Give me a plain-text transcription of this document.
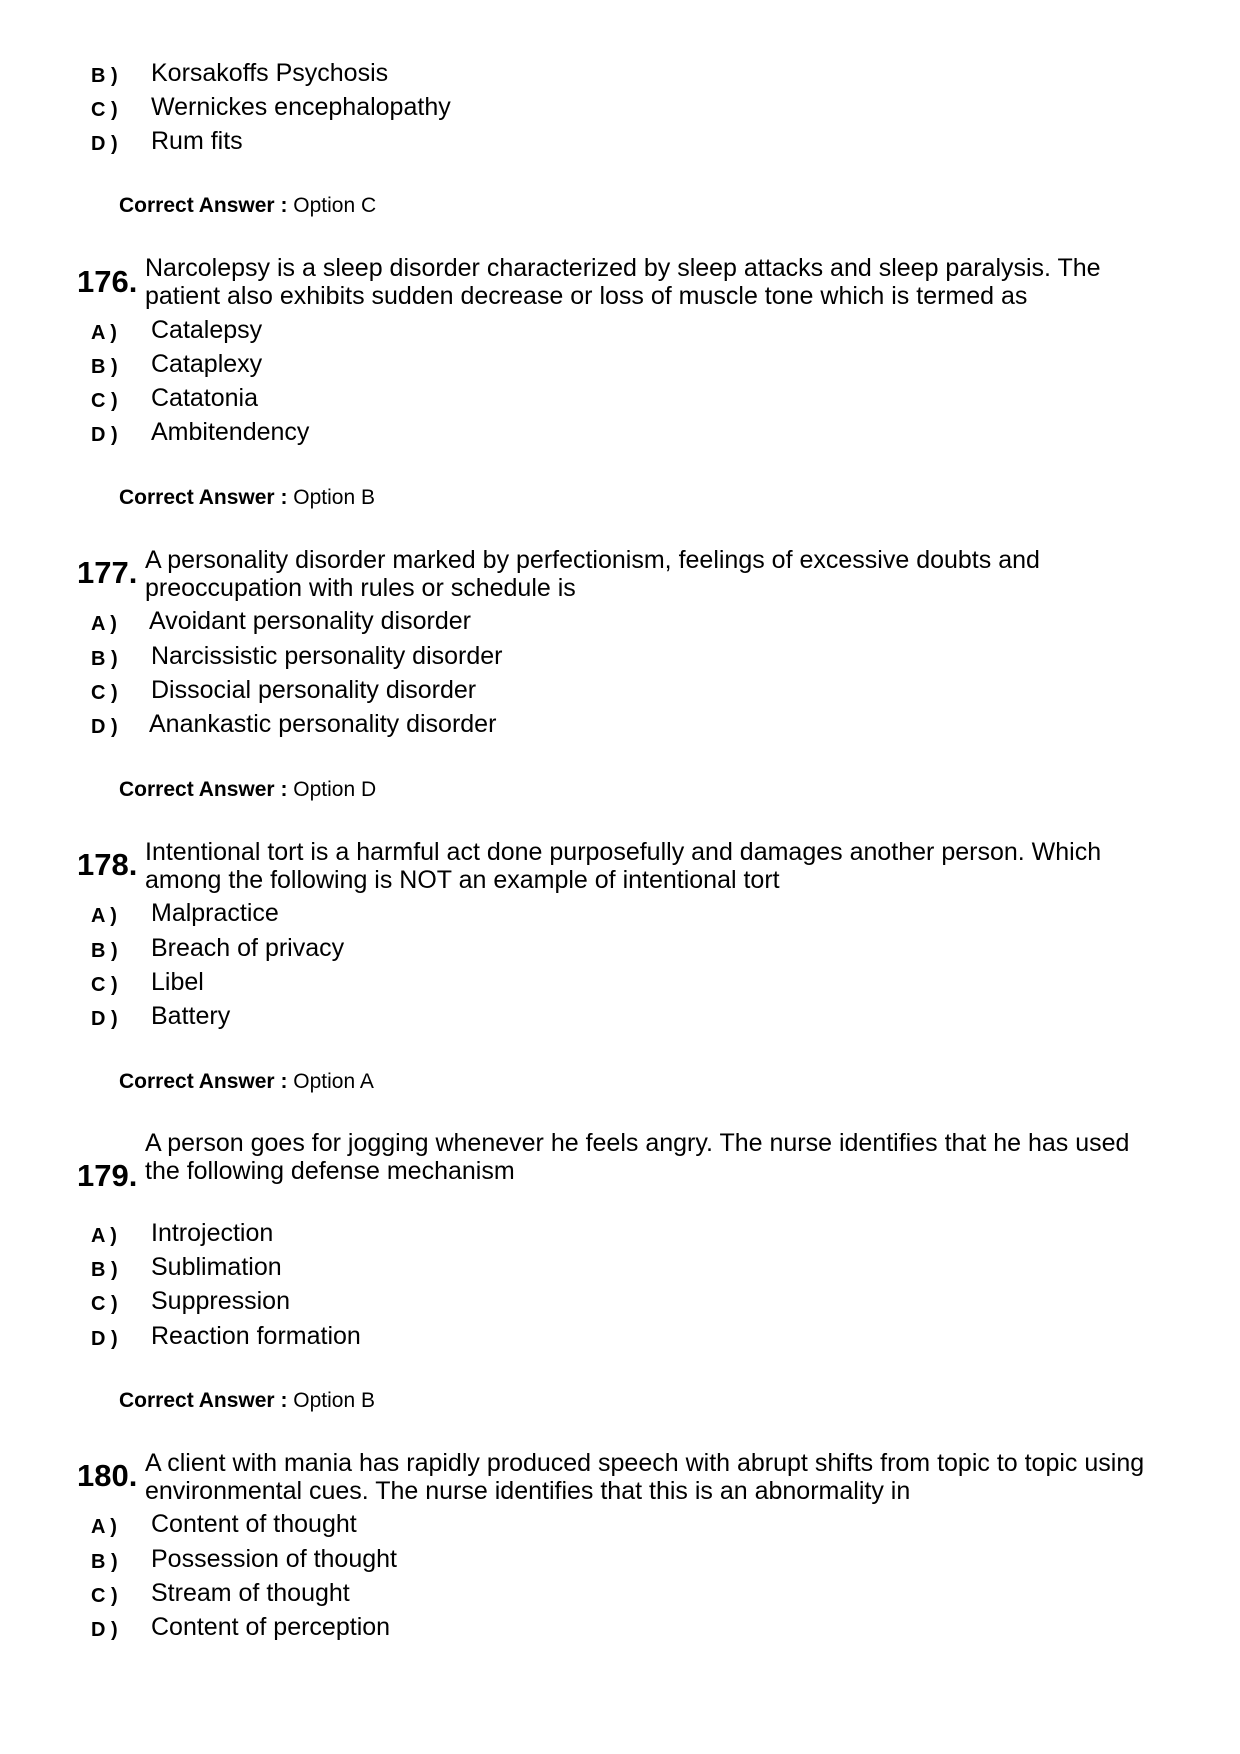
B ) Korsakoffs Psychosis
C ) Wernickes encephalopathy
D ) Rum fits
Correct Answer : Option C
176. Narcolepsy is a sleep disorder characterized by sleep attacks and sleep paralysis. The
patient also exhibits sudden decrease or loss of muscle tone which is termed as
A ) Catalepsy
B ) Cataplexy
C ) Catatonia
D ) Ambitendency
Correct Answer : Option B
177. A personality disorder marked by perfectionism, feelings of excessive doubts and
preoccupation with rules or schedule is
A ) Avoidant personality disorder
B ) Narcissistic personality disorder
C ) Dissocial personality disorder
D ) Anankastic personality disorder
Correct Answer : Option D
178. Intentional tort is a harmful act done purposefully and damages another person. Which
among the following is NOT an example of intentional tort
A ) Malpractice
B ) Breach of privacy
C ) Libel
D ) Battery
Correct Answer : Option A
179.
A person goes for jogging whenever he feels angry. The nurse identifies that he has used
the following defense mechanism
A ) Introjection
B ) Sublimation
C ) Suppression
D ) Reaction formation
Correct Answer : Option B
180. A client with mania has rapidly produced speech with abrupt shifts from topic to topic using
environmental cues. The nurse identifies that this is an abnormality in
A ) Content of thought
B ) Possession of thought
C ) Stream of thought
D ) Content of perception
